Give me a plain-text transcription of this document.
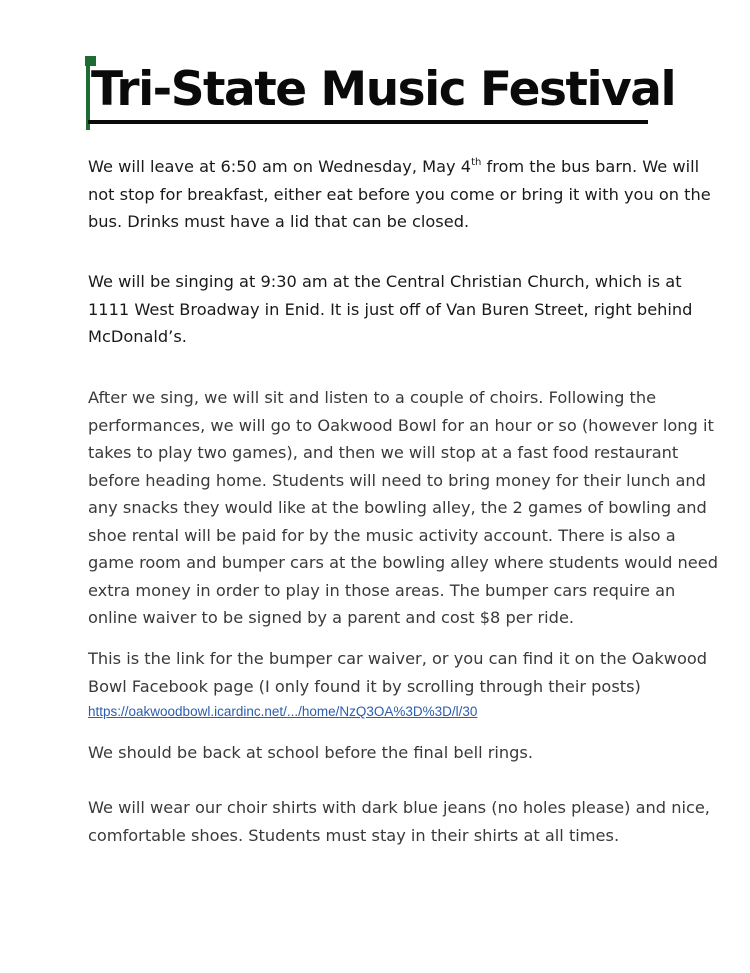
Tri-State Music Festival

We will leave at 6:50 am on Wednesday, May 4th from the bus barn. We will not stop for breakfast, either eat before you come or bring it with you on the bus. Drinks must have a lid that can be closed.

We will be singing at 9:30 am at the Central Christian Church, which is at 1111 West Broadway in Enid. It is just off of Van Buren Street, right behind McDonald’s.

After we sing, we will sit and listen to a couple of choirs. Following the performances, we will go to Oakwood Bowl for an hour or so (however long it takes to play two games), and then we will stop at a fast food restaurant before heading home. Students will need to bring money for their lunch and any snacks they would like at the bowling alley, the 2 games of bowling and shoe rental will be paid for by the music activity account. There is also a game room and bumper cars at the bowling alley where students would need extra money in order to play in those areas. The bumper cars require an online waiver to be signed by a parent and cost $8 per ride.

This is the link for the bumper car waiver, or you can find it on the Oakwood Bowl Facebook page (I only found it by scrolling through their posts)

https://oakwoodbowl.icardinc.net/.../home/NzQ3OA%3D%3D/l/30

We should be back at school before the final bell rings.

We will wear our choir shirts with dark blue jeans (no holes please) and nice, comfortable shoes. Students must stay in their shirts at all times.
